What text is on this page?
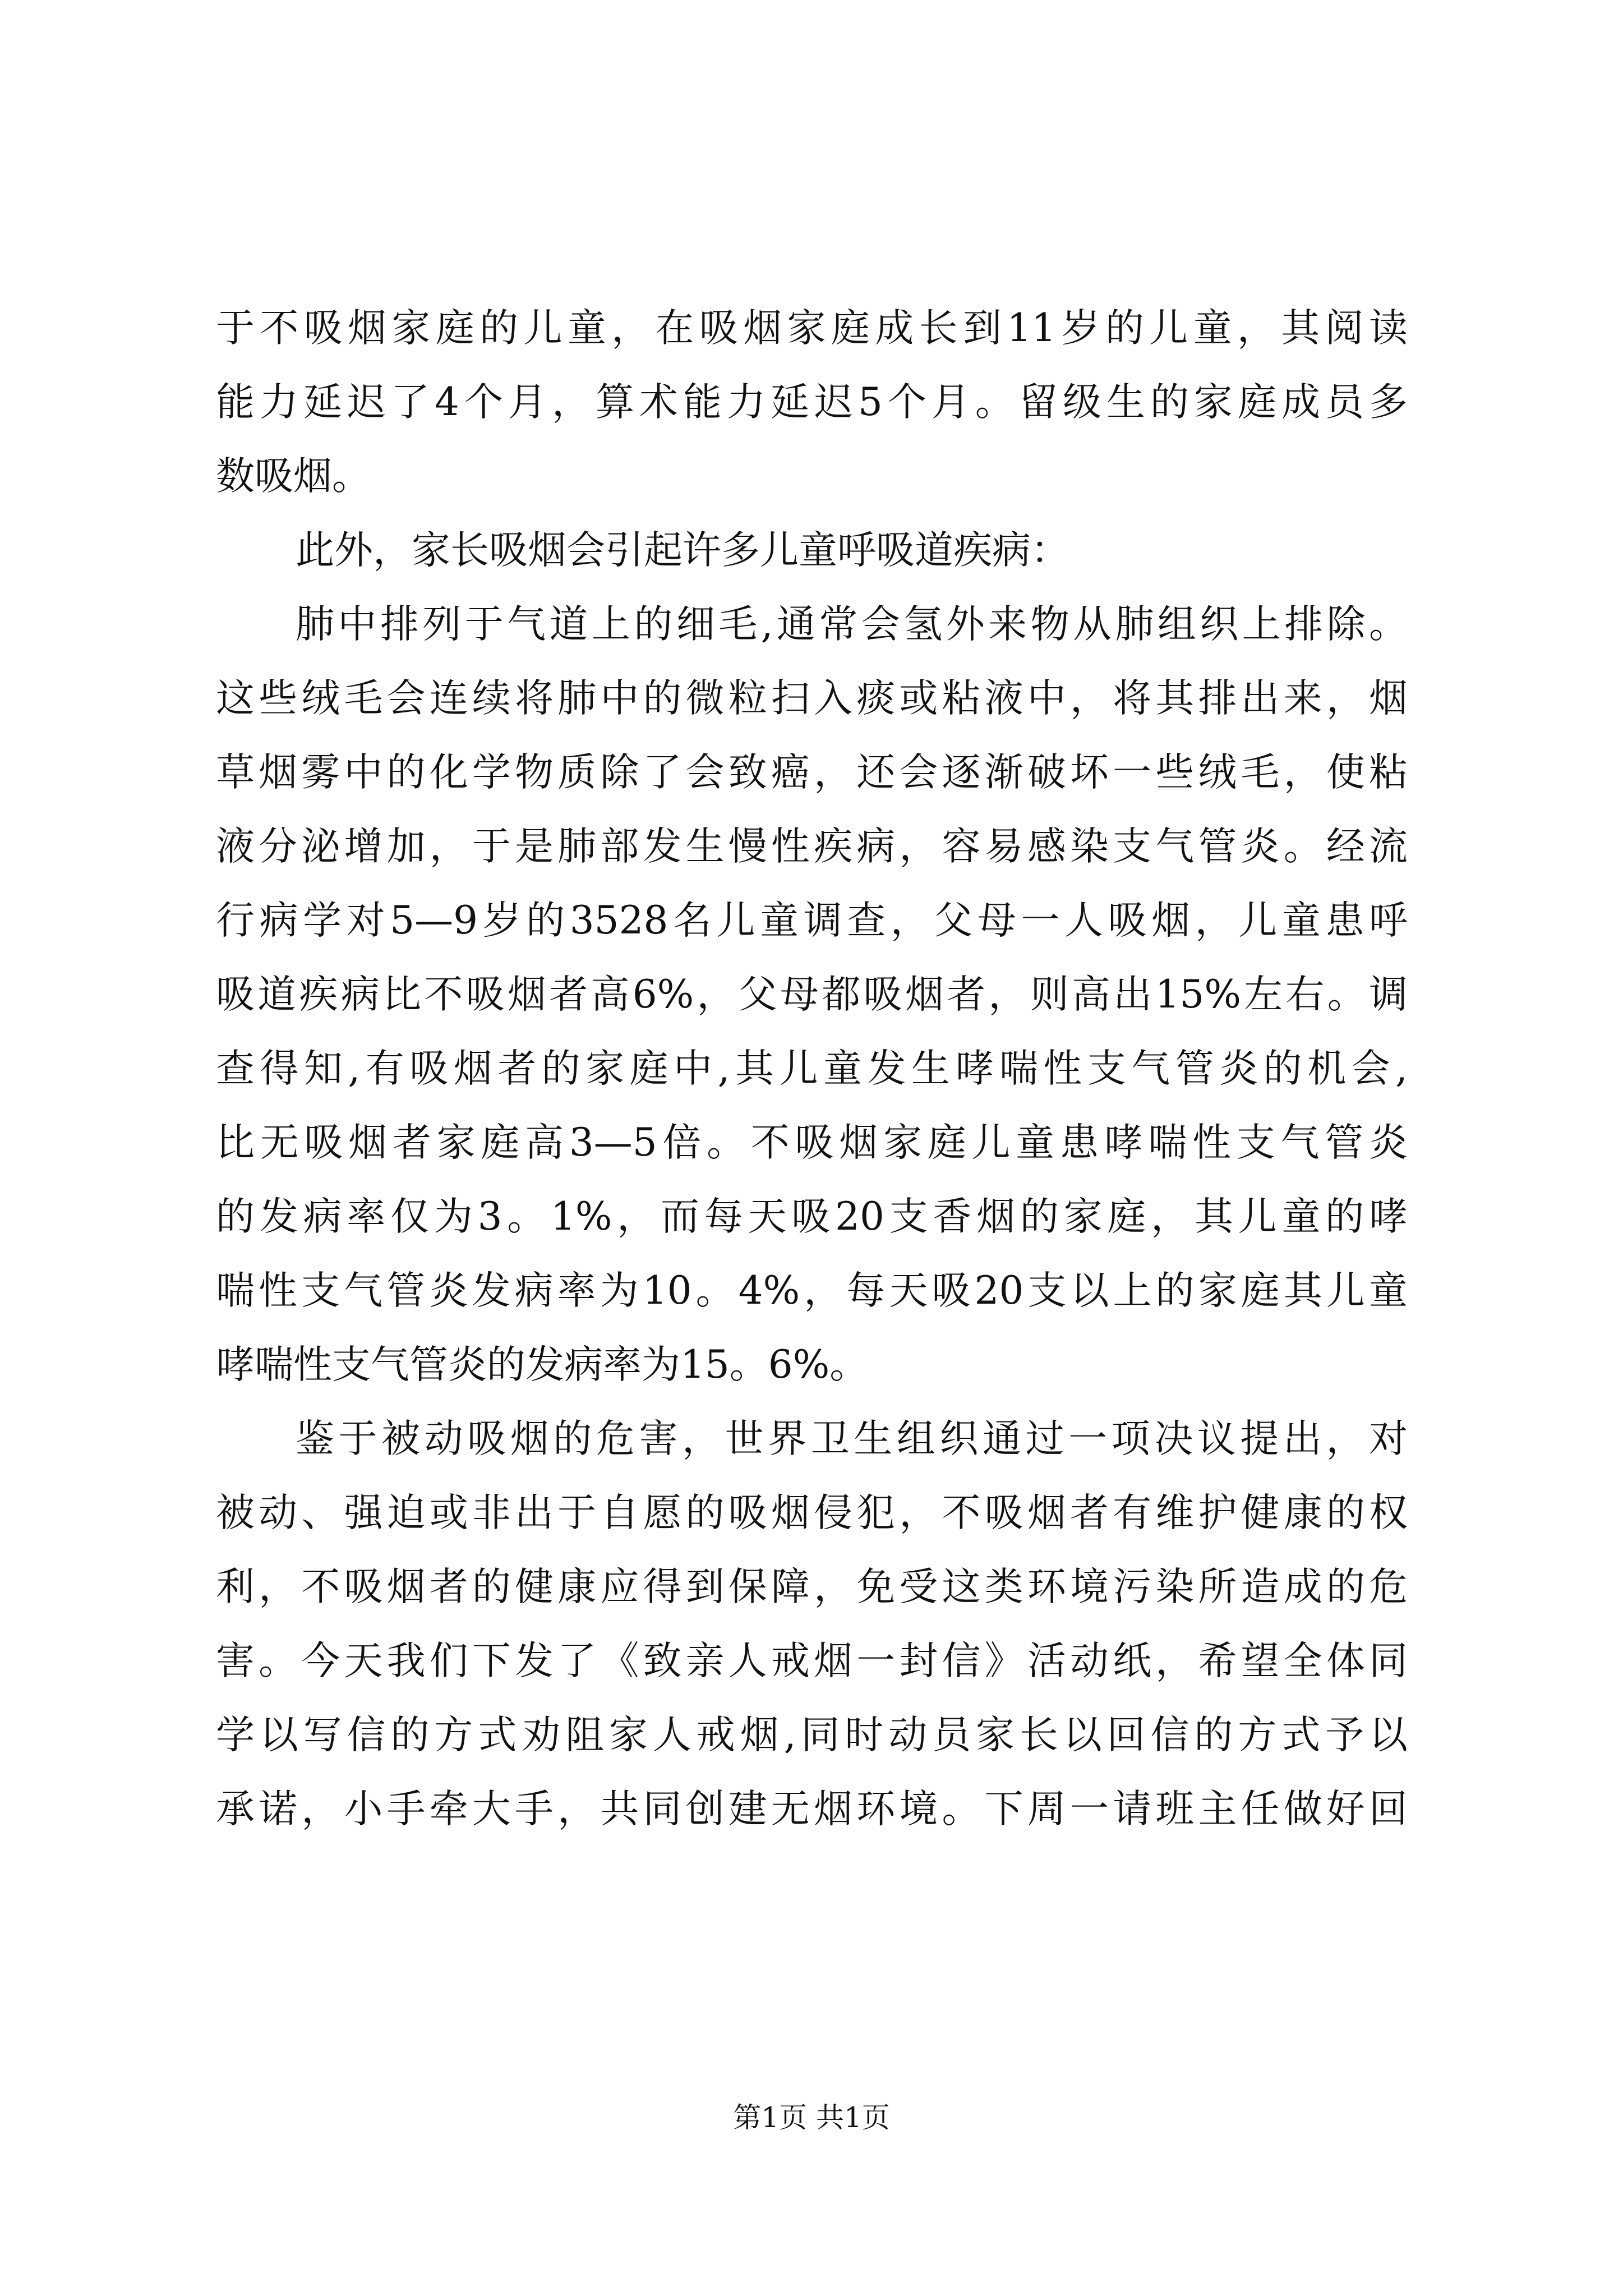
于不吸烟家庭的儿童，在吸烟家庭成长到11岁的儿童，其阅读
能力延迟了4个月，算术能力延迟5个月。留级生的家庭成员多
数吸烟。
此外，家长吸烟会引起许多儿童呼吸道疾病：
肺中排列于气道上的细毛,通常会氢外来物从肺组织上排除。
这些绒毛会连续将肺中的微粒扫入痰或粘液中，将其排出来，烟
草烟雾中的化学物质除了会致癌，还会逐渐破坏一些绒毛，使粘
液分泌增加，于是肺部发生慢性疾病，容易感染支气管炎。经流
行病学对5—9岁的3528名儿童调查，父母一人吸烟，儿童患呼
吸道疾病比不吸烟者高6%，父母都吸烟者，则高出15%左右。调
查得知,有吸烟者的家庭中,其儿童发生哮喘性支气管炎的机会,
比无吸烟者家庭高3—5倍。不吸烟家庭儿童患哮喘性支气管炎
的发病率仅为3。1%，而每天吸20支香烟的家庭，其儿童的哮
喘性支气管炎发病率为10。4%，每天吸20支以上的家庭其儿童
哮喘性支气管炎的发病率为15。6%。
鉴于被动吸烟的危害，世界卫生组织通过一项决议提出，对
被动、强迫或非出于自愿的吸烟侵犯，不吸烟者有维护健康的权
利，不吸烟者的健康应得到保障，免受这类环境污染所造成的危
害。今天我们下发了《致亲人戒烟一封信》活动纸，希望全体同
学以写信的方式劝阻家人戒烟,同时动员家长以回信的方式予以
承诺，小手牵大手，共同创建无烟环境。下周一请班主任做好回
第1页 共1页
